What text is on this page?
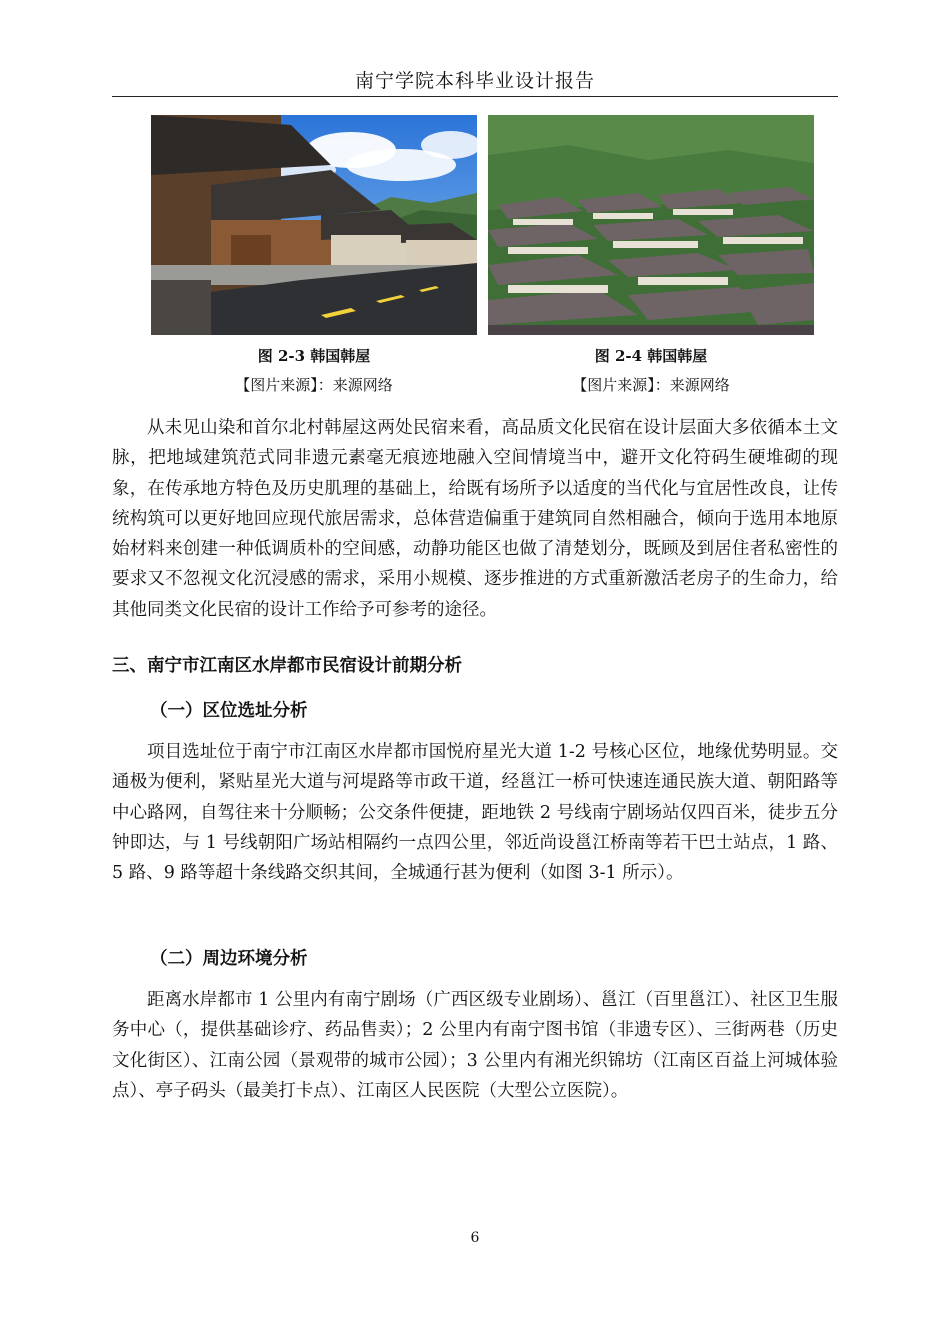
南宁学院本科毕业设计报告
图 2-3 韩国韩屋
【图片来源】：来源网络
图 2-4 韩国韩屋
【图片来源】：来源网络

从未见山染和首尔北村韩屋这两处民宿来看，高品质文化民宿在设计层面大多依循本土文脉，把地域建筑范式同非遗元素毫无痕迹地融入空间情境当中，避开文化符码生硬堆砌的现象，在传承地方特色及历史肌理的基础上，给既有场所予以适度的当代化与宜居性改良，让传统构筑可以更好地回应现代旅居需求，总体营造偏重于建筑同自然相融合，倾向于选用本地原始材料来创建一种低调质朴的空间感，动静功能区也做了清楚划分，既顾及到居住者私密性的要求又不忽视文化沉浸感的需求，采用小规模、逐步推进的方式重新激活老房子的生命力，给其他同类文化民宿的设计工作给予可参考的途径。

三、南宁市江南区水岸都市民宿设计前期分析
（一）区位选址分析

项目选址位于南宁市江南区水岸都市国悦府星光大道 1-2 号核心区位，地缘优势明显。交通极为便利，紧贴星光大道与河堤路等市政干道，经邕江一桥可快速连通民族大道、朝阳路等中心路网，自驾往来十分顺畅；公交条件便捷，距地铁 2 号线南宁剧场站仅四百米，徒步五分钟即达，与 1 号线朝阳广场站相隔约一点四公里，邻近尚设邕江桥南等若干巴士站点，1 路、5 路、9 路等超十条线路交织其间，全城通行甚为便利（如图 3-1 所示）。

（二）周边环境分析

距离水岸都市 1 公里内有南宁剧场（广西区级专业剧场）、邕江（百里邕江）、社区卫生服务中心（，提供基础诊疗、药品售卖）；2 公里内有南宁图书馆（非遗专区）、三街两巷（历史文化街区）、江南公园（景观带的城市公园）；3 公里内有湘光织锦坊（江南区百益上河城体验点）、亭子码头（最美打卡点）、江南区人民医院（大型公立医院）。

6
